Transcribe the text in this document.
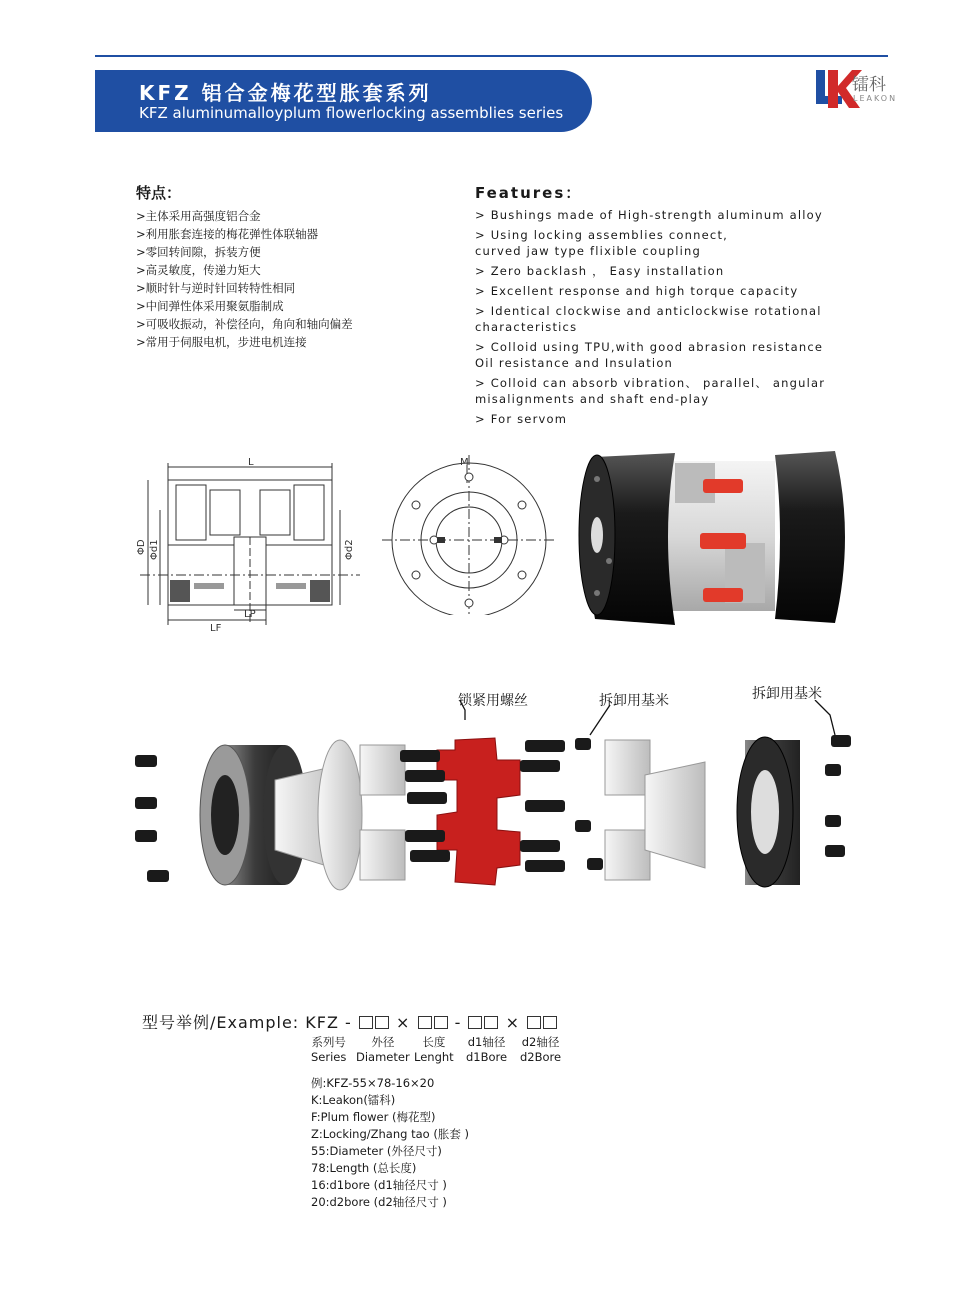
KFZ 铝合金梅花型胀套系列
KFZ aluminumalloyplum flowerlocking assemblies series
镭科
LEAKON
特点：
>主体采用高强度铝合金
>利用胀套连接的梅花弹性体联轴器
>零回转间隙，拆装方便
>高灵敏度，传递力矩大
>顺时针与逆时针回转特性相同
>中间弹性体采用聚氨脂制成
>可吸收振动，补偿径向，角向和轴向偏差
>常用于伺服电机，步进电机连接
Features：
> Bushings made of High-strength aluminum alloy
> Using locking assemblies connect,
curved jaw type flixible coupling
> Zero backlash ， Easy installation
> Excellent response and high torque capacity
> Identical clockwise and anticlockwise rotational
characteristics
> Colloid using TPU,with good abrasion resistance
Oil resistance and Insulation
> Colloid can absorb vibration、 parallel、 angular
misalignments and shaft end-play
> For servom
L
ΦD Φd1	Φd2
LF
LP
M
锁紧用螺丝	拆卸用基米	拆卸用基米
型号举例/Example: KFZ -	×	-	×
系列号
Series
外径
Diameter
长度
Lenght
d1轴径
d1Bore
d2轴径
d2Bore
例:KFZ-55×78-16×20
K:Leakon(镭科)
F:Plum flower (梅花型)
Z:Locking/Zhang tao (胀套 )
55:Diameter (外径尺寸)
78:Length (总长度)
16:d1bore (d1轴径尺寸 )
20:d2bore (d2轴径尺寸 )
